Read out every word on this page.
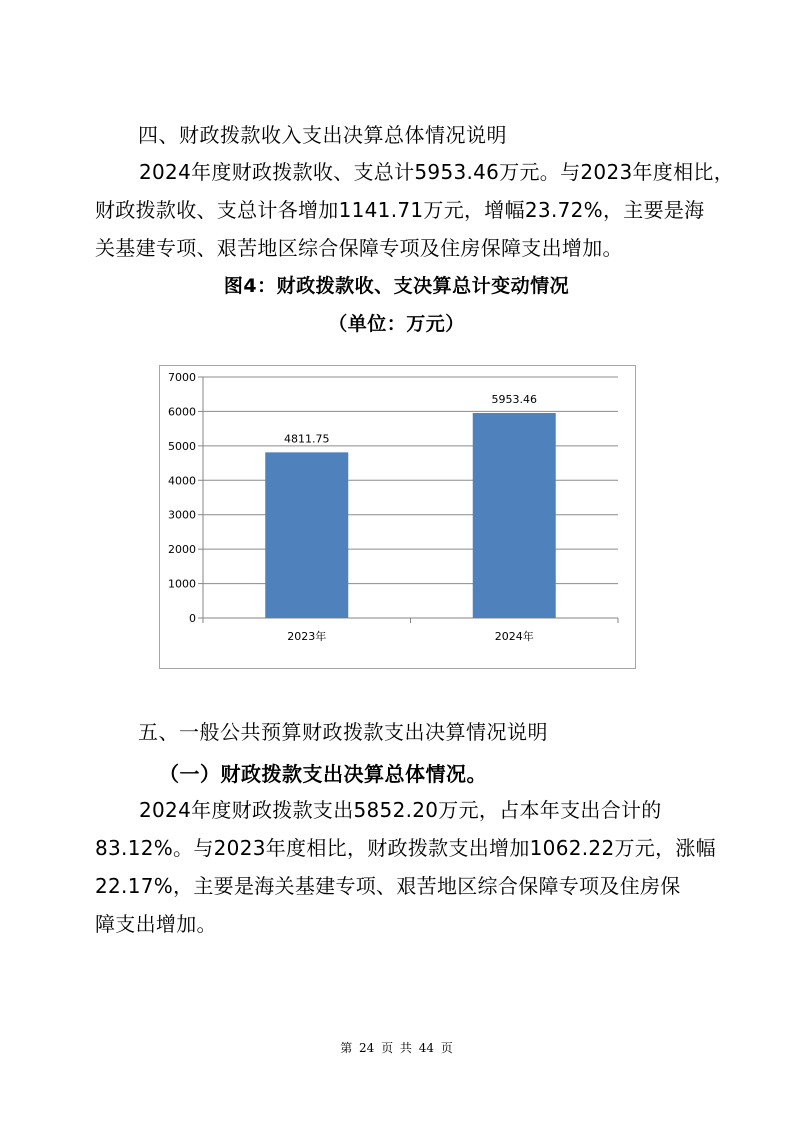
四、财政拨款收入支出决算总体情况说明
2024年度财政拨款收、支总计5953.46万元。与2023年度相比，
财政拨款收、支总计各增加1141.71万元，增幅23.72%，主要是海
关基建专项、艰苦地区综合保障专项及住房保障支出增加。
图4：财政拨款收、支决算总计变动情况
（单位：万元）
0
1000
2000
3000
4000
5000
6000
7000
4811.75
2023年
5953.46
2024年
五、一般公共预算财政拨款支出决算情况说明
（一）财政拨款支出决算总体情况。
2024年度财政拨款支出5852.20万元，占本年支出合计的
83.12%。与2023年度相比，财政拨款支出增加1062.22万元，涨幅
22.17%，主要是海关基建专项、艰苦地区综合保障专项及住房保
障支出增加。
第 24 页 共 44 页
